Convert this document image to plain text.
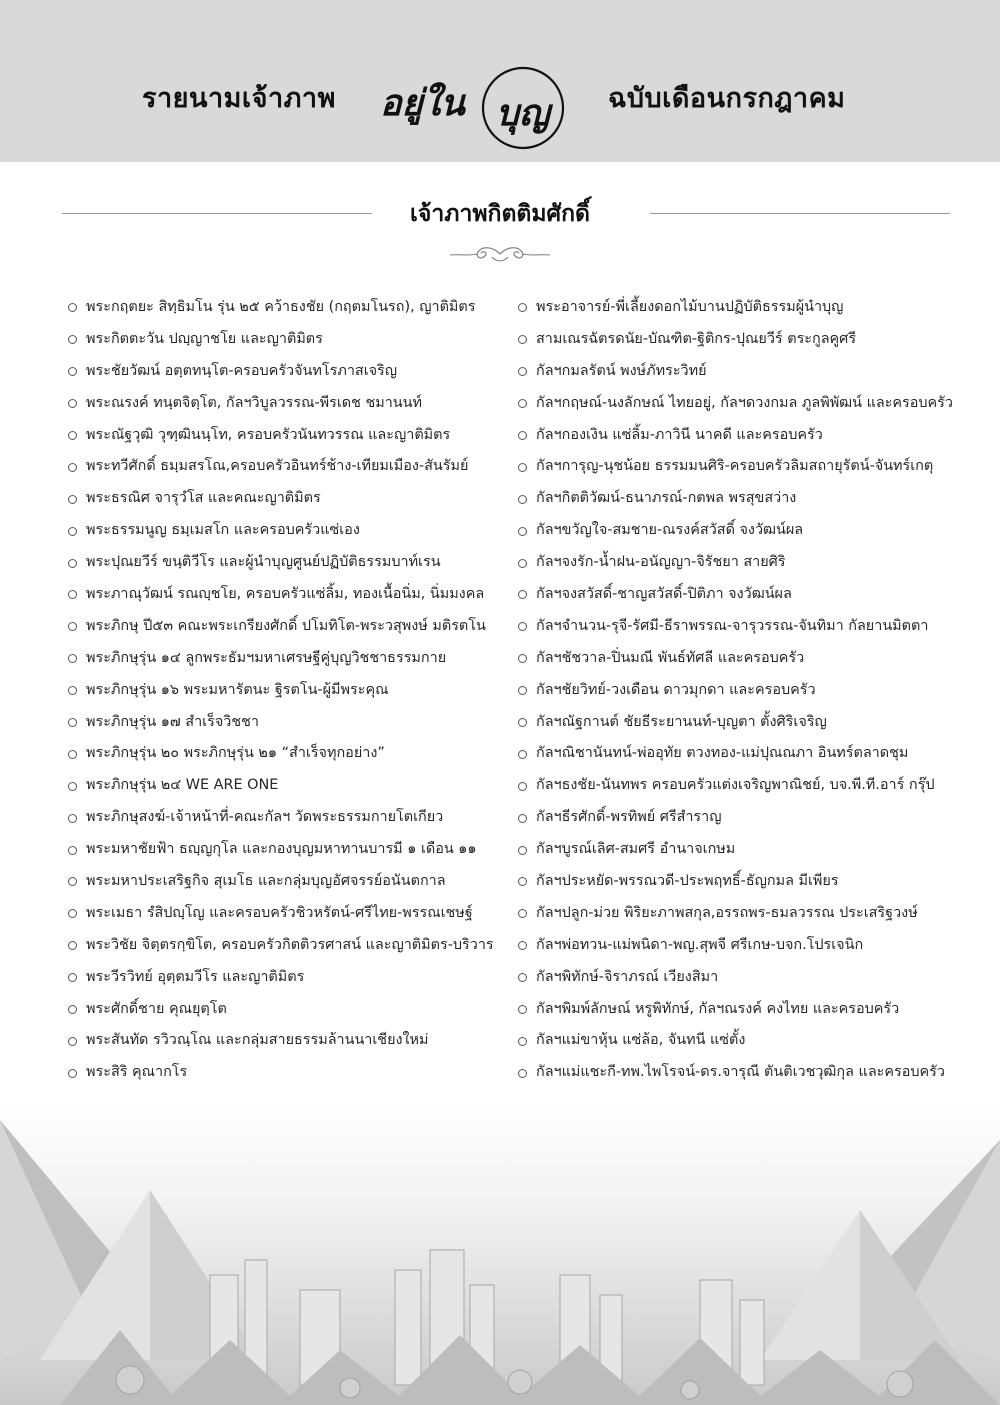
รายนามเจ้าภาพ อยู่ใน บุญ ฉบับเดือนกรกฎาคม
เจ้าภาพกิตติมศักดิ์
พระกฤตยะ สิทฺธิมโน รุ่น ๒๕ คว้าธงชัย (กฤตมโนรถ), ญาติมิตร
พระกิตตะวัน ปญฺญาชโย และญาติมิตร
พระชัยวัฒน์ อตฺตทนฺโต-ครอบครัวจันทโรภาสเจริญ
พระณรงค์ ทนฺตจิตฺโต, กัลฯวิบูลวรรณ-พีรเดช ชมานนท์
พระณัฐวุฒิ วุฑฺฒินนฺโท, ครอบครัวนันทวรรณ และญาติมิตร
พระทวีศักดิ์ ธมฺมสรโณ,ครอบครัวอินทร์ช้าง-เทียมเมือง-สันรัมย์
พระธรณิศ จารุวํโส และคณะญาติมิตร
พระธรรมนูญ ธมฺเมสโก และครอบครัวแซ่เอง
พระปุณยวีร์ ขนฺติวีโร และผู้นำบุญศูนย์ปฏิบัติธรรมบาท์เรน
พระภาณุวัฒน์ รณญฺชโย, ครอบครัวแซ่ลิ้ม, ทองเนื้อนิ่ม, นิ่มมงคล
พระภิกษุ ปี๕๓ คณะพระเกรียงศักดิ์ ปโมทิโต-พระวสุพงษ์ มติรตโน
พระภิกษุรุ่น ๑๔ ลูกพระธัมฯมหาเศรษฐีคู่บุญวิชชาธรรมกาย
พระภิกษุรุ่น ๑๖ พระมหารัตนะ ฐิรตโน-ผู้มีพระคุณ
พระภิกษุรุ่น ๑๗ สำเร็จวิชชา
พระภิกษุรุ่น ๒๐ พระภิกษุรุ่น ๒๑ “สำเร็จทุกอย่าง”
พระภิกษุรุ่น ๒๔ WE ARE ONE
พระภิกษุสงฆ์-เจ้าหน้าที่-คณะกัลฯ วัดพระธรรมกายโตเกียว
พระมหาชัยฟ้า ธญฺญกุโล และกองบุญมหาทานบารมี ๑ เดือน ๑๑
พระมหาประเสริฐกิจ สุเมโธ และกลุ่มบุญอัศจรรย์อนันตกาล
พระเมธา รํสิปญฺโญ และครอบครัวชิวหรัตน์-ศรีไทย-พรรณเชษฐ์
พระวิชัย จิตฺตรกฺขิโต, ครอบครัวกิตติวรศาสน์ และญาติมิตร-บริวาร
พระวีรวิทย์ อุตฺตมวีโร และญาติมิตร
พระศักดิ์ชาย คุณยุตฺโต
พระสันทัด รวิวณฺโณ และกลุ่มสายธรรมล้านนาเชียงใหม่
พระสิริ คุณากโร
พระอาจารย์-พี่เลี้ยงดอกไม้บานปฏิบัติธรรมผู้นำบุญ
สามเณรฉัตรดนัย-บัณฑิต-ฐิติกร-ปุณยวีร์ ตระกูลคูศรี
กัลฯกมลรัตน์ พงษ์ภัทระวิทย์
กัลฯกฤษณ์-นงลักษณ์ ไทยอยู่, กัลฯดวงกมล ภูลพิพัฒน์ และครอบครัว
กัลฯกองเงิน แซ่ลิ้ม-ภาวินี นาคดี และครอบครัว
กัลฯการุญ-นุชน้อย ธรรมมนศิริ-ครอบครัวลิมสถายุรัตน์-จันทร์เกตุ
กัลฯกิตติวัฒน์-ธนาภรณ์-กตพล พรสุขสว่าง
กัลฯขวัญใจ-สมชาย-ณรงค์สวัสดิ์ จงวัฒน์ผล
กัลฯจงรัก-น้ำฝน-อนัญญา-จิรัชยา สายศิริ
กัลฯจงสวัสดิ์-ชาญสวัสดิ์-ปิติภา จงวัฒน์ผล
กัลฯจำนวน-รุจี-รัศมี-ธีราพรรณ-จารุวรรณ-จันทิมา กัลยานมิตตา
กัลฯชัชวาล-ปิ่นมณี พันธ์ทัศลี และครอบครัว
กัลฯชัยวิทย์-วงเดือน ดาวมุกดา และครอบครัว
กัลฯณัฐกานต์ ชัยธีระยานนท์-บุญตา ตั้งศิริเจริญ
กัลฯณิชานันทน์-พ่ออุทัย ตวงทอง-แม่ปุณณภา อินทร์ตลาดชุม
กัลฯธงชัย-นันทพร ครอบครัวแต่งเจริญพาณิชย์, บจ.พี.ที.อาร์ กรุ๊ป
กัลฯธีรศักดิ์-พรทิพย์ ศรีสำราญ
กัลฯบูรณ์เลิศ-สมศรี อำนาจเกษม
กัลฯประหยัด-พรรณวดี-ประพฤทธิ์-ธัญกมล มีเพียร
กัลฯปลูก-ม่วย พิริยะภาพสกุล,อรรถพร-ธมลวรรณ ประเสริฐวงษ์
กัลฯพ่อทวน-แม่พนิดา-พญ.สุพจี ศรีเกษ-บจก.โปรเจนิก
กัลฯพิทักษ์-จิราภรณ์ เวียงสิมา
กัลฯพิมพ์ลักษณ์ หรูพิทักษ์, กัลฯณรงค์ คงไทย และครอบครัว
กัลฯแม่ขาหุ้น แซ่ล้อ, จันทนี แซ่ตั้ง
กัลฯแม่แชะกี-ทพ.ไพโรจน์-ดร.จารุณี ตันติเวชวุฒิกุล และครอบครัว
